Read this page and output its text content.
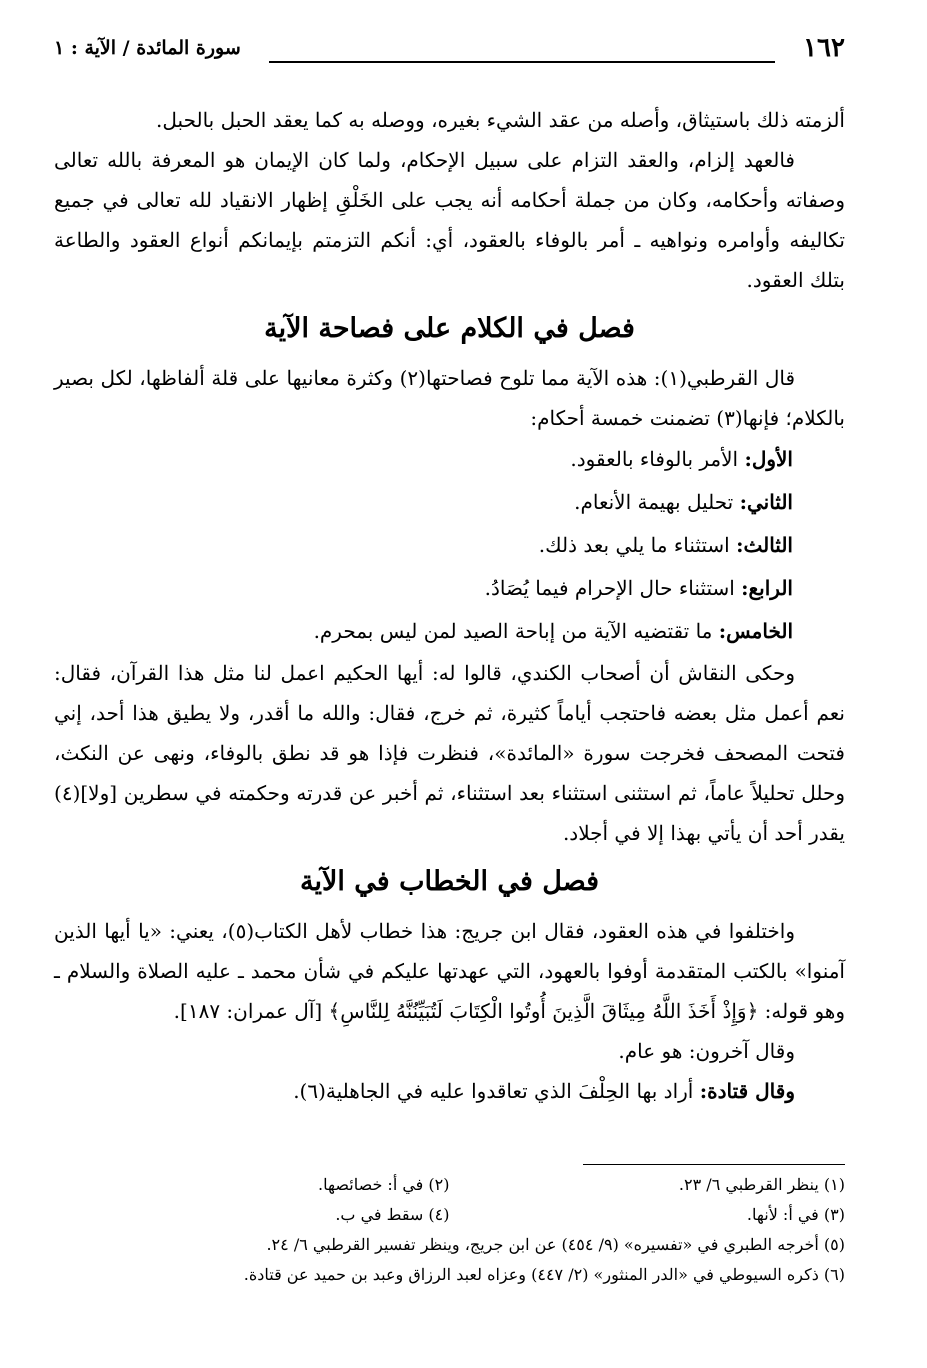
١٦٢
سورة المائدة / الآية : ١

ألزمته ذلك باستيثاق، وأصله من عقد الشيء بغيره، ووصله به كما يعقد الحبل بالحبل.

فالعهد إلزام، والعقد التزام على سبيل الإحكام، ولما كان الإيمان هو المعرفة بالله تعالى وصفاته وأحكامه، وكان من جملة أحكامه أنه يجب على الخَلْقِ إظهار الانقياد لله تعالى في جميع تكاليفه وأوامره ونواهيه ـ أمر بالوفاء بالعقود، أي: أنكم التزمتم بإيمانكم أنواع العقود والطاعة بتلك العقود.

فصل في الكلام على فصاحة الآية

قال القرطبي(١): هذه الآية مما تلوح فصاحتها(٢) وكثرة معانيها على قلة ألفاظها، لكل بصير بالكلام؛ فإنها(٣) تضمنت خمسة أحكام:

الأول: الأمر بالوفاء بالعقود.
الثاني: تحليل بهيمة الأنعام.
الثالث: استثناء ما يلي بعد ذلك.
الرابع: استثناء حال الإحرام فيما يُصَادُ.
الخامس: ما تقتضيه الآية من إباحة الصيد لمن ليس بمحرم.

وحكى النقاش أن أصحاب الكندي، قالوا له: أيها الحكيم اعمل لنا مثل هذا القرآن، فقال: نعم أعمل مثل بعضه فاحتجب أياماً كثيرة، ثم خرج، فقال: والله ما أقدر، ولا يطيق هذا أحد، إني فتحت المصحف فخرجت سورة «المائدة»، فنظرت فإذا هو قد نطق بالوفاء، ونهى عن النكث، وحلل تحليلاً عاماً، ثم استثنى استثناء بعد استثناء، ثم أخبر عن قدرته وحكمته في سطرين [ولا](٤) يقدر أحد أن يأتي بهذا إلا في أجلاد.

فصل في الخطاب في الآية

واختلفوا في هذه العقود، فقال ابن جريج: هذا خطاب لأهل الكتاب(٥)، يعني: «يا أيها الذين آمنوا» بالكتب المتقدمة أوفوا بالعهود، التي عهدتها عليكم في شأن محمد ـ عليه الصلاة والسلام ـ وهو قوله: ﴿وَإِذْ أَخَذَ اللَّهُ مِيثَاقَ الَّذِينَ أُوتُوا الْكِتَابَ لَتُبَيِّنُنَّهُ لِلنَّاسِ﴾ [آل عمران: ١٨٧].

وقال آخرون: هو عام.

وقال قتادة: أراد بها الحِلْفَ الذي تعاقدوا عليه في الجاهلية(٦).

(١) ينظر القرطبي ٦/ ٢٣.
(٢) في أ: خصائصها.
(٣) في أ: لأنها.
(٤) سقط في ب.
(٥) أخرجه الطبري في «تفسيره» (٩/ ٤٥٤) عن ابن جريج، وينظر تفسير القرطبي ٦/ ٢٤.
(٦) ذكره السيوطي في «الدر المنثور» (٢/ ٤٤٧) وعزاه لعبد الرزاق وعبد بن حميد عن قتادة.
